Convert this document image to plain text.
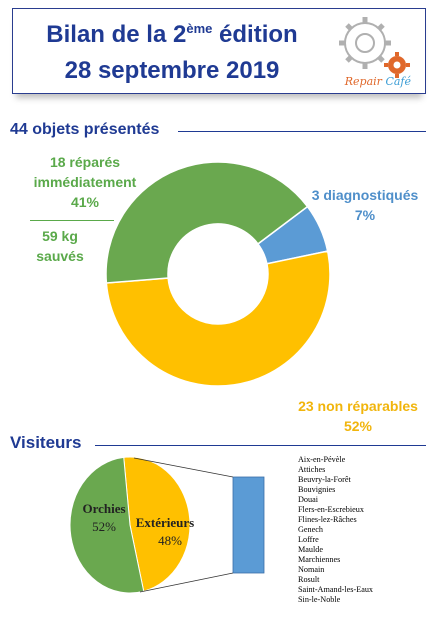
Bilan de la 2ème édition
28 septembre 2019	Repair Café
44 objets présentés
18 réparés
immédiatement
41%
59 kg
sauvés
3 diagnostiqués
7%
23 non réparables
52%
Visiteurs
Orchies
52% Extérieurs
48%
Aix-en-Pévèle
Attiches
Beuvry-la-Forêt
Bouvignies
Douai
Flers-en-Escrebieux
Flines-lez-Râches
Genech
Loffre
Maulde
Marchiennes
Nomain
Rosult
Saint-Amand-les-Eaux
Sin-le-Noble
